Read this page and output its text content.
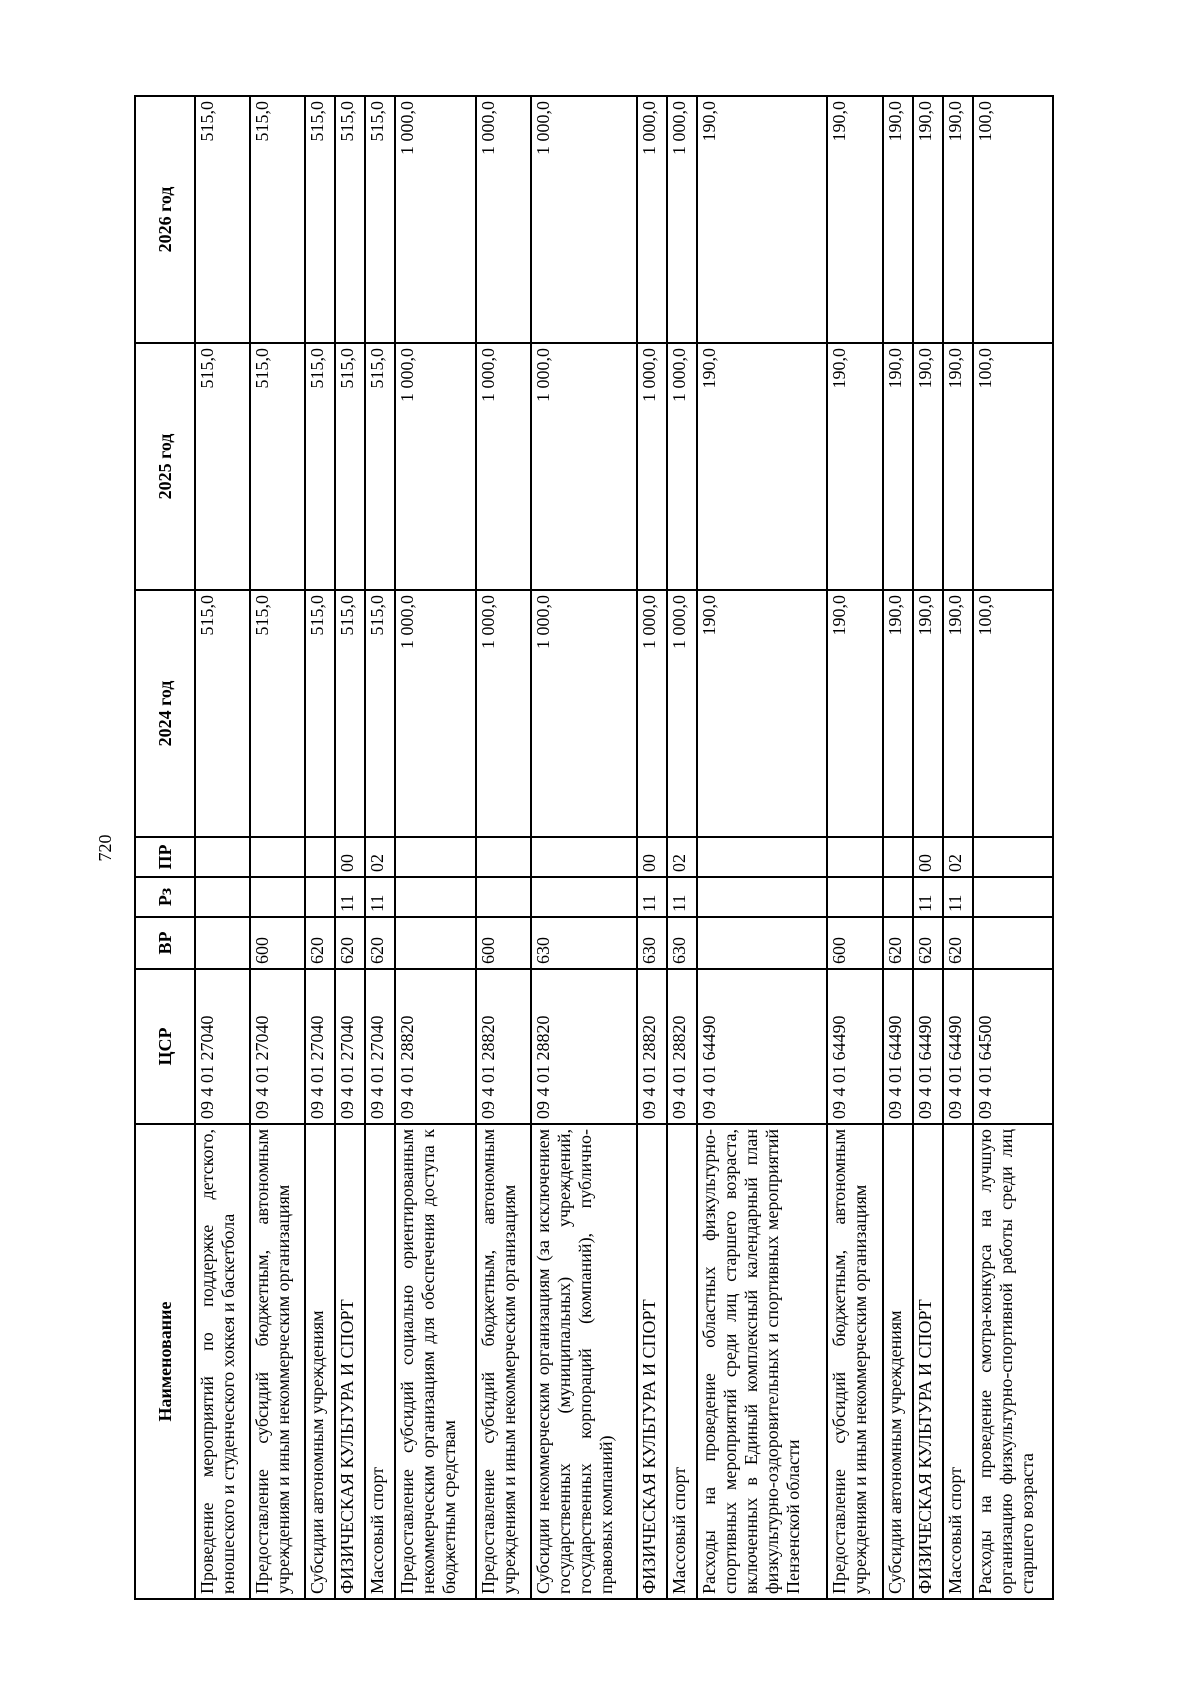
720
Наименование	ЦСР	ВР	Рз	ПР	2024 год	2025 год	2026 год
Проведение мероприятий по поддержке детского, юношеского и студенческого хоккея и баскетбола	09 4 01 27040				515,0	515,0	515,0
Предоставление субсидий бюджетным, автономным учреждениям и иным некоммерческим организациям	09 4 01 27040	600			515,0	515,0	515,0
Субсидии автономным учреждениям	09 4 01 27040	620			515,0	515,0	515,0
ФИЗИЧЕСКАЯ КУЛЬТУРА И СПОРТ	09 4 01 27040	620	11	00	515,0	515,0	515,0
Массовый спорт	09 4 01 27040	620	11	02	515,0	515,0	515,0
Предоставление субсидий социально ориентированным некоммерческим организациям для обеспечения доступа к бюджетным средствам	09 4 01 28820				1 000,0	1 000,0	1 000,0
Предоставление субсидий бюджетным, автономным учреждениям и иным некоммерческим организациям	09 4 01 28820	600			1 000,0	1 000,0	1 000,0
Субсидии некоммерческим организациям (за исключением государственных (муниципальных) учреждений, государственных корпораций (компаний), публично-правовых компаний)	09 4 01 28820	630			1 000,0	1 000,0	1 000,0
ФИЗИЧЕСКАЯ КУЛЬТУРА И СПОРТ	09 4 01 28820	630	11	00	1 000,0	1 000,0	1 000,0
Массовый спорт	09 4 01 28820	630	11	02	1 000,0	1 000,0	1 000,0
Расходы на проведение областных физкультурно-спортивных мероприятий среди лиц старшего возраста, включенных в Единый комплексный календарный план физкультурно-оздоровительных и спортивных мероприятий Пензенской области	09 4 01 64490				190,0	190,0	190,0
Предоставление субсидий бюджетным, автономным учреждениям и иным некоммерческим организациям	09 4 01 64490	600			190,0	190,0	190,0
Субсидии автономным учреждениям	09 4 01 64490	620			190,0	190,0	190,0
ФИЗИЧЕСКАЯ КУЛЬТУРА И СПОРТ	09 4 01 64490	620	11	00	190,0	190,0	190,0
Массовый спорт	09 4 01 64490	620	11	02	190,0	190,0	190,0
Расходы на проведение смотра-конкурса на лучшую организацию физкультурно-спортивной работы среди лиц старшего возраста	09 4 01 64500				100,0	100,0	100,0
